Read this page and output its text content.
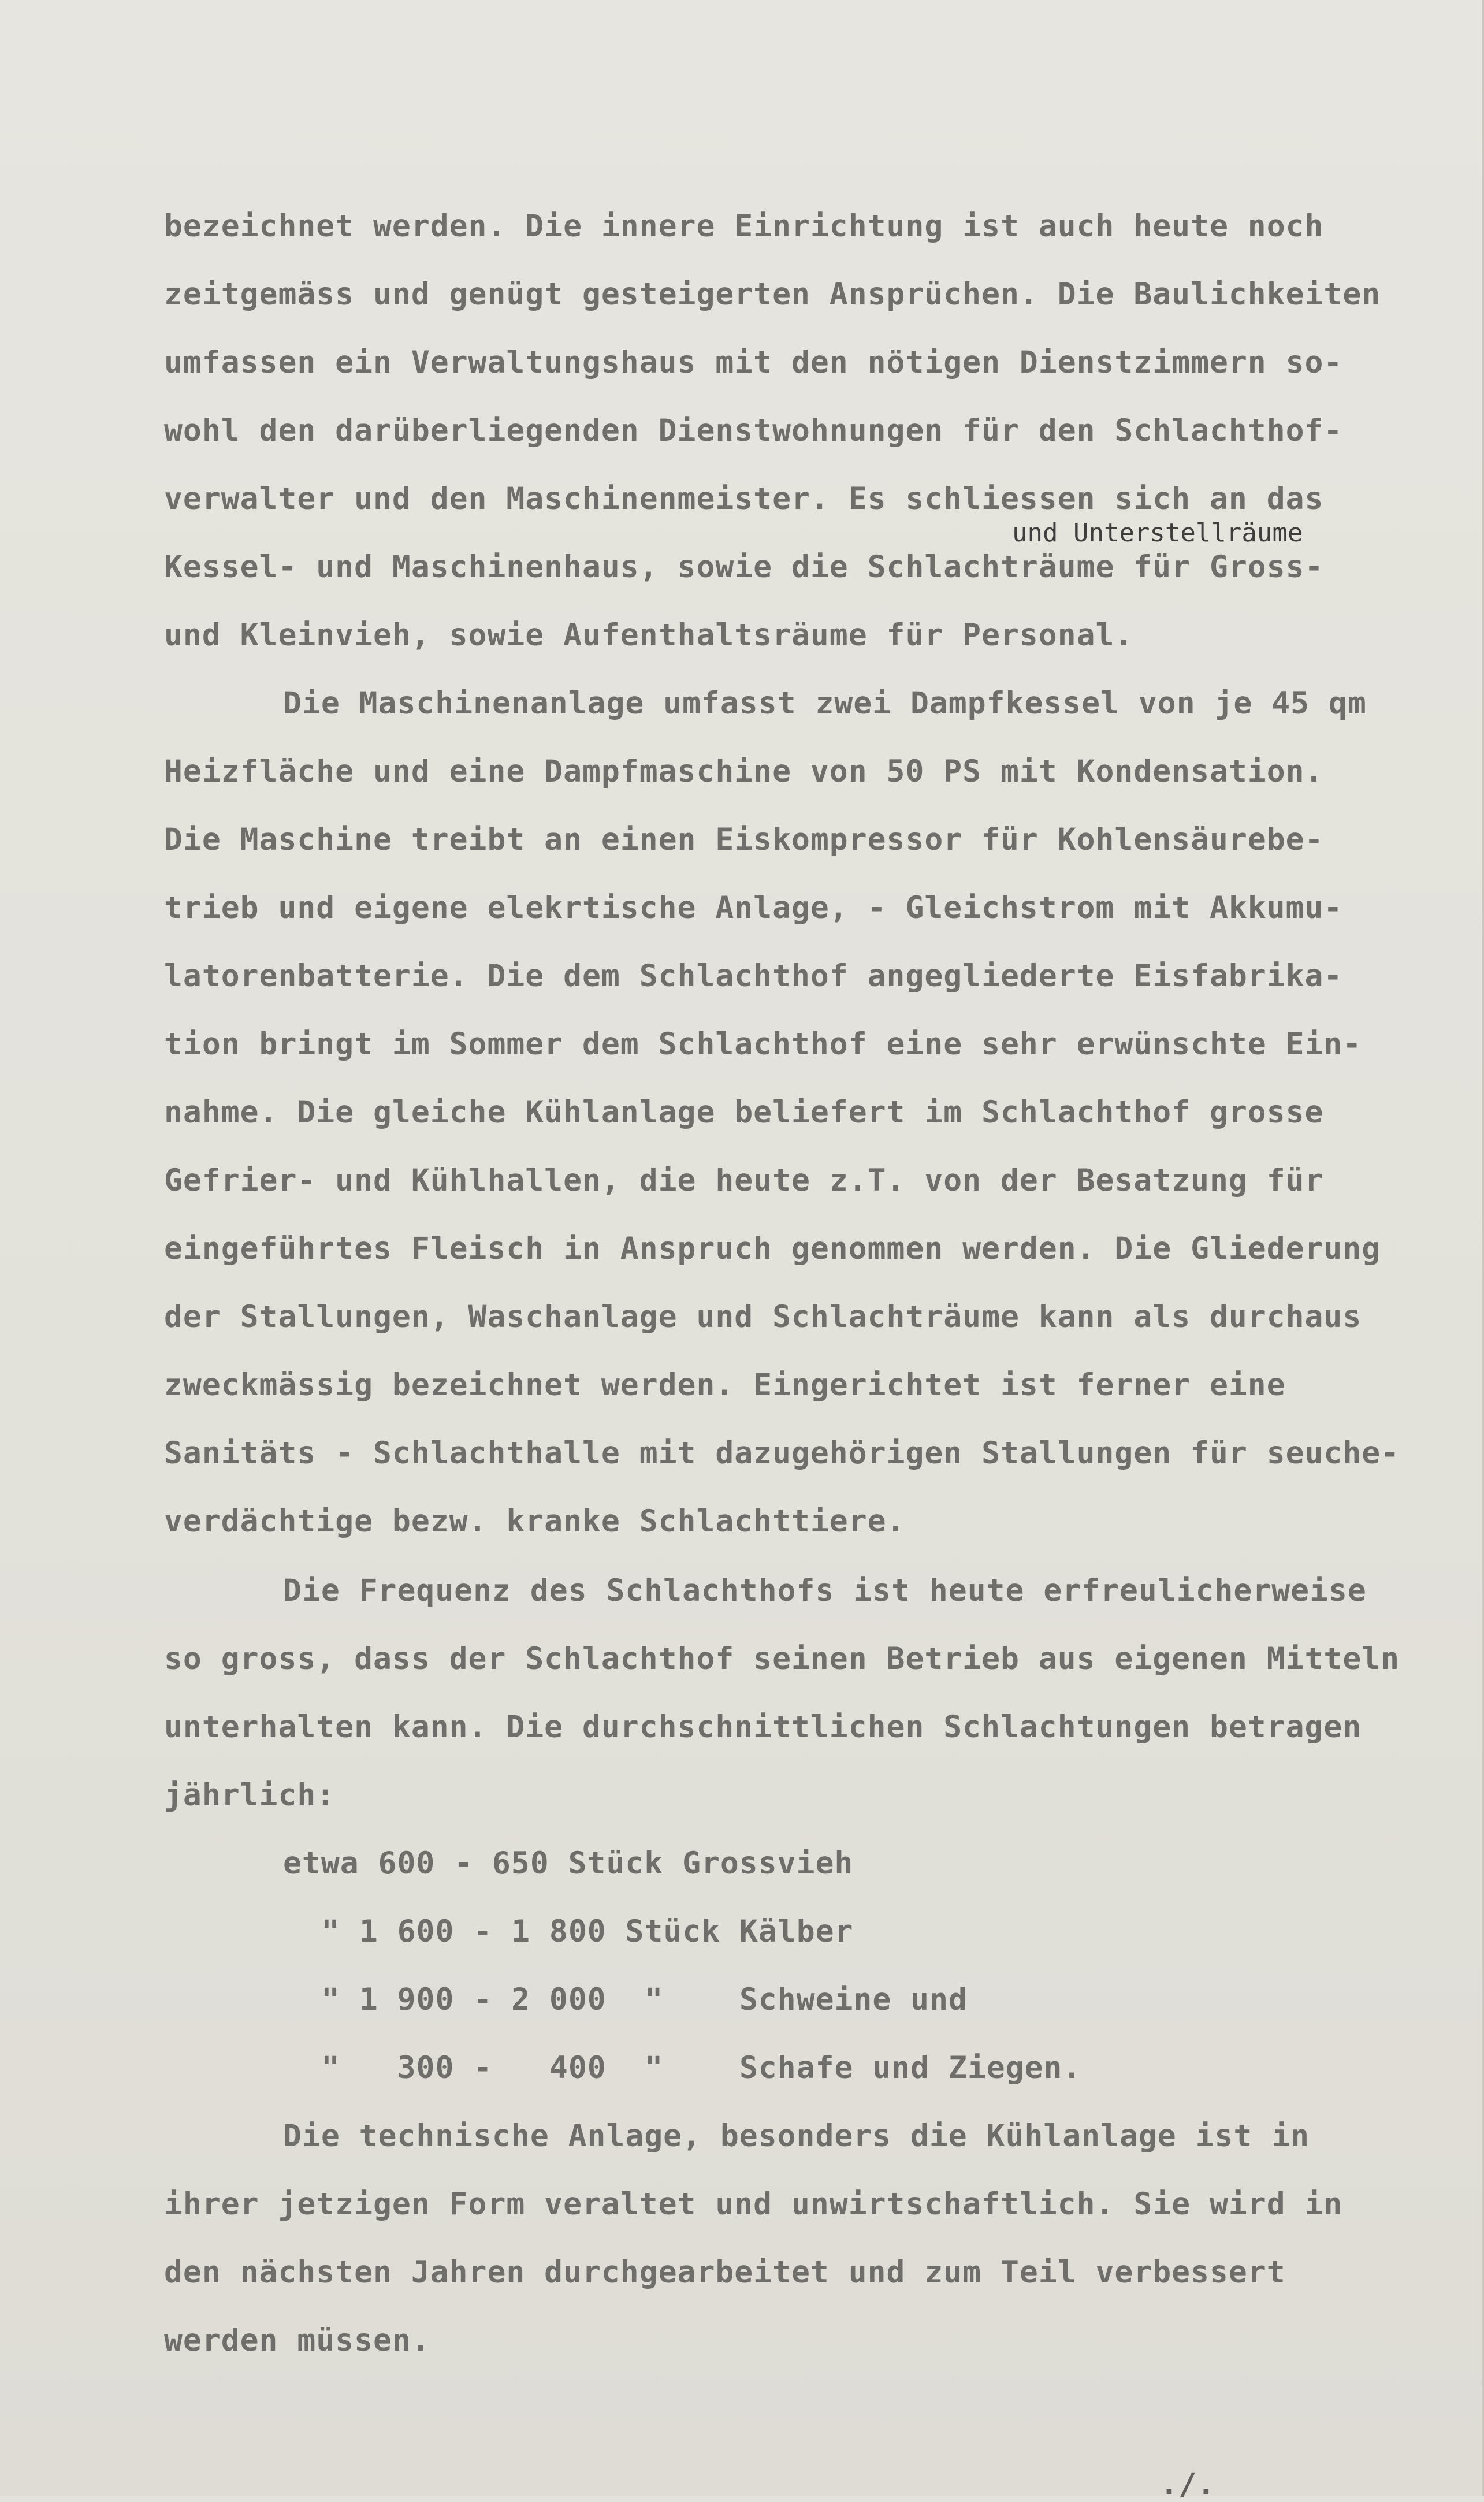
bezeichnet werden. Die innere Einrichtung ist auch heute noch
zeitgemäss und genügt gesteigerten Ansprüchen. Die Baulichkeiten
umfassen ein Verwaltungshaus mit den nötigen Dienstzimmern so-
wohl den darüberliegenden Dienstwohnungen für den Schlachthof-
verwalter und den Maschinenmeister. Es schliessen sich an das
und Unterstellräume
Kessel- und Maschinenhaus, sowie die Schlachträume für Gross-
und Kleinvieh, sowie Aufenthaltsräume für Personal.
Die Maschinenanlage umfasst zwei Dampfkessel von je 45 qm
Heizfläche und eine Dampfmaschine von 50 PS mit Kondensation.
Die Maschine treibt an einen Eiskompressor für Kohlensäurebe-
trieb und eigene elekrtische Anlage, - Gleichstrom mit Akkumu-
latorenbatterie. Die dem Schlachthof angegliederte Eisfabrika-
tion bringt im Sommer dem Schlachthof eine sehr erwünschte Ein-
nahme. Die gleiche Kühlanlage beliefert im Schlachthof grosse
Gefrier- und Kühlhallen, die heute z.T. von der Besatzung für
eingeführtes Fleisch in Anspruch genommen werden. Die Gliederung
der Stallungen, Waschanlage und Schlachträume kann als durchaus
zweckmässig bezeichnet werden. Eingerichtet ist ferner eine
Sanitäts - Schlachthalle mit dazugehörigen Stallungen für seuche-
verdächtige bezw. kranke Schlachttiere.
Die Frequenz des Schlachthofs ist heute erfreulicherweise
so gross, dass der Schlachthof seinen Betrieb aus eigenen Mitteln
unterhalten kann. Die durchschnittlichen Schlachtungen betragen
jährlich:
etwa 600 - 650 Stück Grossvieh
" 1 600 - 1 800 Stück Kälber
" 1 900 - 2 000  "    Schweine und
"   300 -   400  "    Schafe und Ziegen.
Die technische Anlage, besonders die Kühlanlage ist in
ihrer jetzigen Form veraltet und unwirtschaftlich. Sie wird in
den nächsten Jahren durchgearbeitet und zum Teil verbessert
werden müssen.
./.
